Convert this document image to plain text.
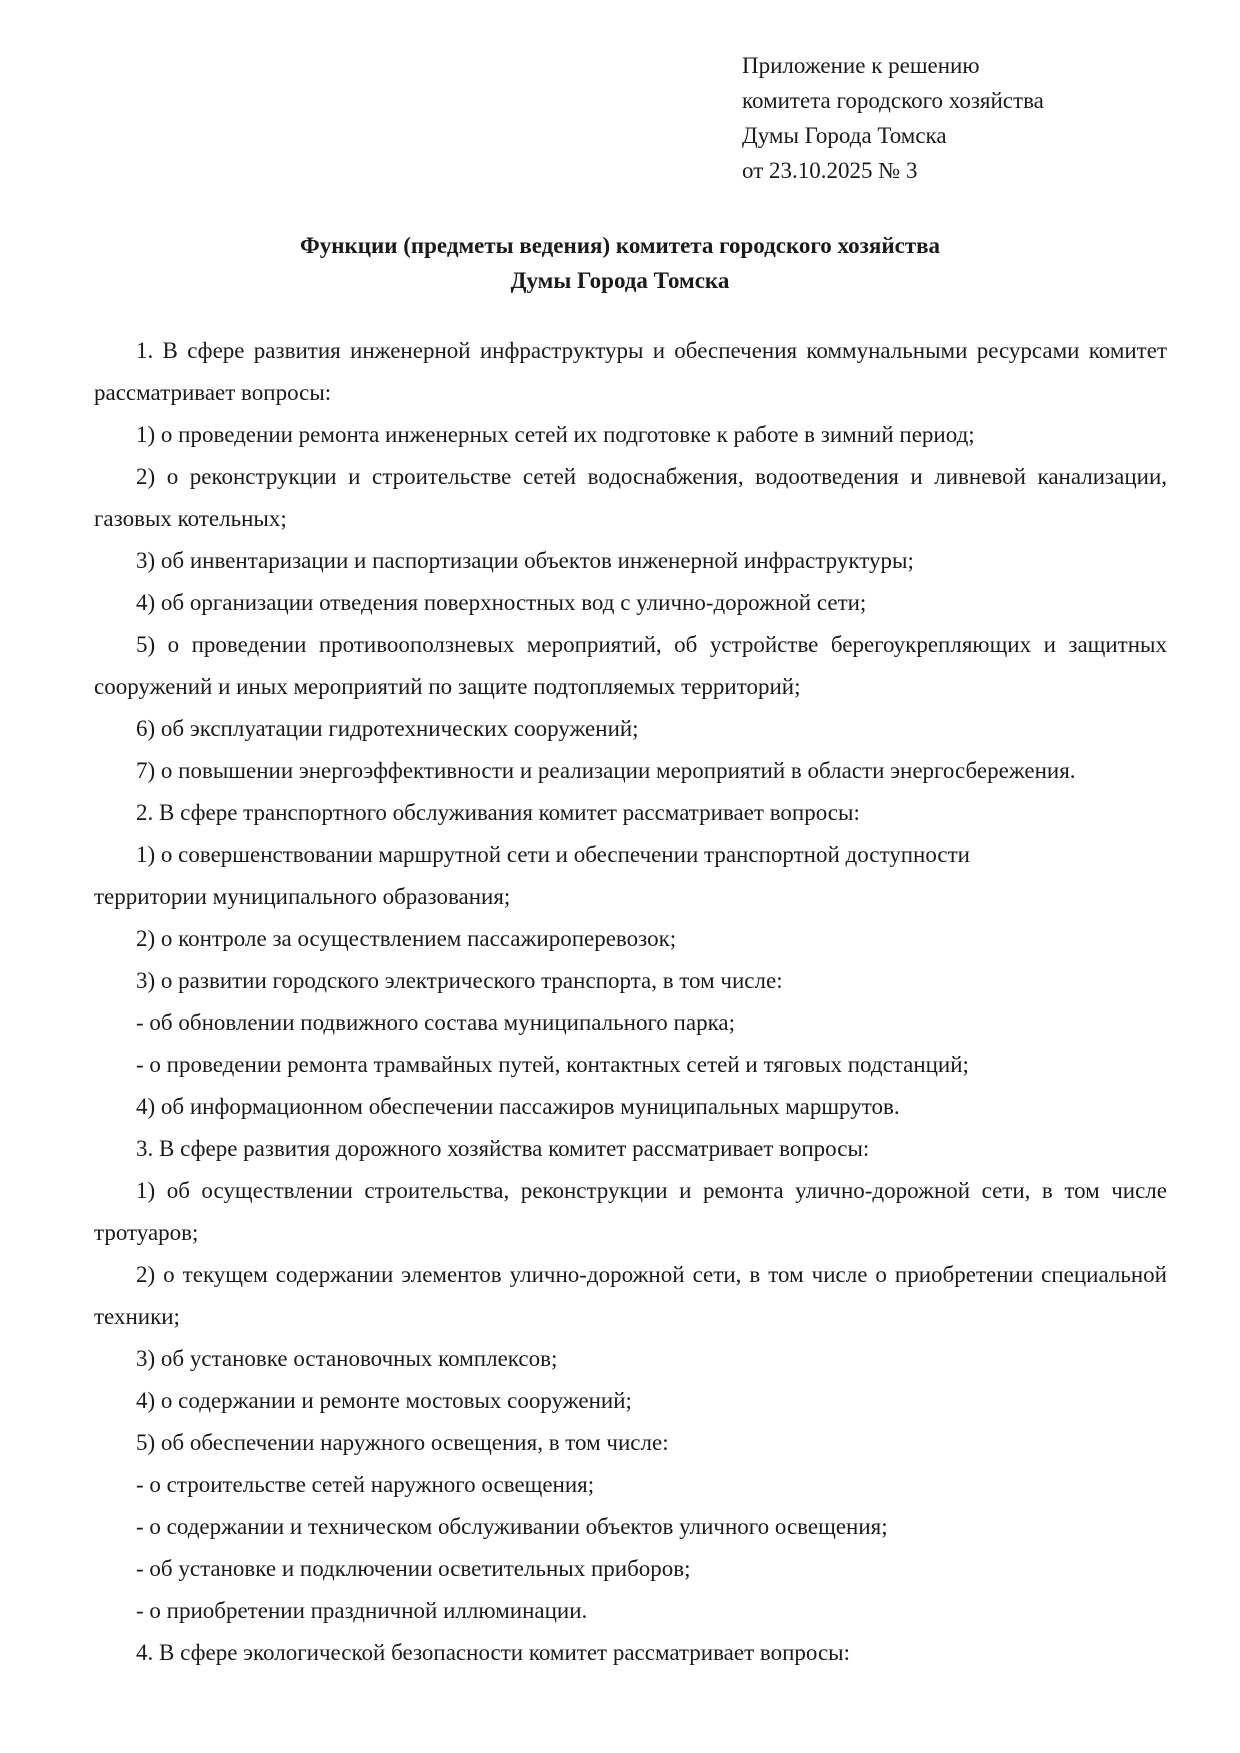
Приложение к решению
комитета городского хозяйства
Думы Города Томска
от 23.10.2025 № 3
Функции (предметы ведения) комитета городского хозяйства
Думы Города Томска

1. В сфере развития инженерной инфраструктуры и обеспечения коммунальными ресурсами комитет рассматривает вопросы:

1) о проведении ремонта инженерных сетей их подготовке к работе в зимний период;

2) о реконструкции и строительстве сетей водоснабжения, водоотведения и ливневой канализации, газовых котельных;

3) об инвентаризации и паспортизации объектов инженерной инфраструктуры;

4) об организации отведения поверхностных вод с улично-дорожной сети;

5) о проведении противооползневых мероприятий, об устройстве берегоукрепляющих и защитных сооружений и иных мероприятий по защите подтопляемых территорий;

6) об эксплуатации гидротехнических сооружений;

7) о повышении энергоэффективности и реализации мероприятий в области энергосбережения.

2. В сфере транспортного обслуживания комитет рассматривает вопросы:

1) о совершенствовании маршрутной сети и обеспечении транспортной доступности

территории муниципального образования;

2) о контроле за осуществлением пассажироперевозок;

3) о развитии городского электрического транспорта, в том числе:

- об обновлении подвижного состава муниципального парка;

- о проведении ремонта трамвайных путей, контактных сетей и тяговых подстанций;

4) об информационном обеспечении пассажиров муниципальных маршрутов.

3. В сфере развития дорожного хозяйства комитет рассматривает вопросы:

1) об осуществлении строительства, реконструкции и ремонта улично-дорожной сети, в том числе тротуаров;

2) о текущем содержании элементов улично-дорожной сети, в том числе о приобретении специальной техники;

3) об установке остановочных комплексов;

4) о содержании и ремонте мостовых сооружений;

5) об обеспечении наружного освещения, в том числе:

- о строительстве сетей наружного освещения;

- о содержании и техническом обслуживании объектов уличного освещения;

- об установке и подключении осветительных приборов;

- о приобретении праздничной иллюминации.

4. В сфере экологической безопасности комитет рассматривает вопросы:
